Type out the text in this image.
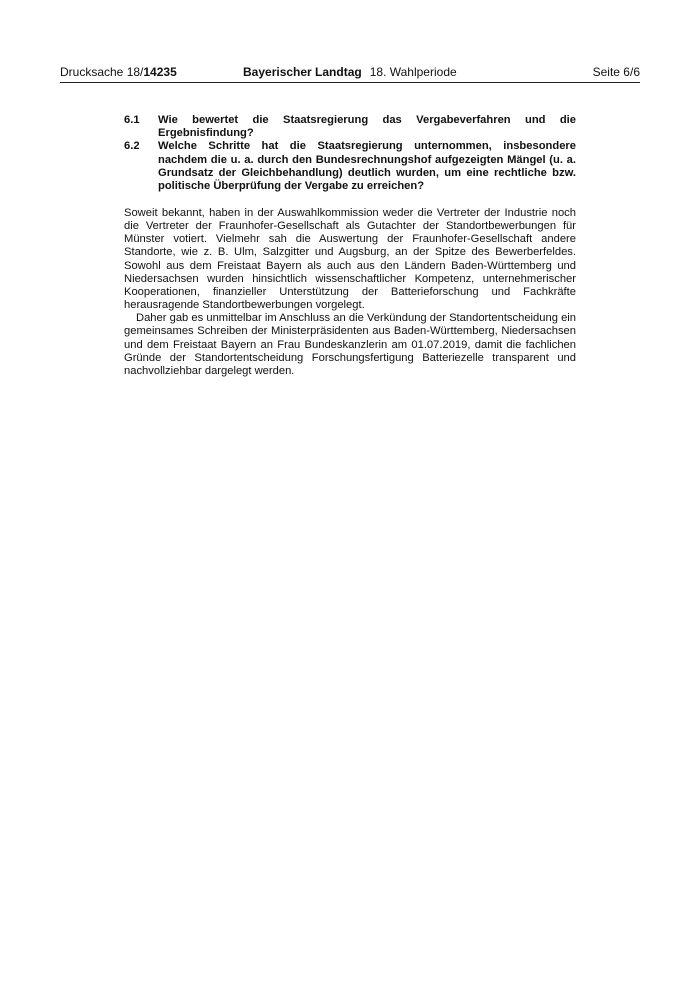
Drucksache 18/14235	Bayerischer Landtag 18. Wahlperiode	Seite 6/6
6.1 Wie bewertet die Staatsregierung das Vergabeverfahren und die Ergebnisfindung?
6.2 Welche Schritte hat die Staatsregierung unternommen, insbesondere nachdem die u. a. durch den Bundesrechnungshof aufgezeigten Mängel (u. a. Grundsatz der Gleichbehandlung) deutlich wurden, um eine rechtliche bzw. politische Überprüfung der Vergabe zu erreichen?

Soweit bekannt, haben in der Auswahlkommission weder die Vertreter der Industrie noch die Vertreter der Fraunhofer-Gesellschaft als Gutachter der Standortbewerbungen für Münster votiert. Vielmehr sah die Auswertung der Fraunhofer-Gesellschaft andere Standorte, wie z. B. Ulm, Salzgitter und Augsburg, an der Spitze des Bewerberfeldes. Sowohl aus dem Freistaat Bayern als auch aus den Ländern Baden-Württemberg und Niedersachsen wurden hinsichtlich wissenschaftlicher Kompetenz, unternehmerischer Kooperationen, finanzieller Unterstützung der Batterieforschung und Fachkräfte herausragende Standortbewerbungen vorgelegt.

Daher gab es unmittelbar im Anschluss an die Verkündung der Standortentscheidung ein gemeinsames Schreiben der Ministerpräsidenten aus Baden-Württemberg, Niedersachsen und dem Freistaat Bayern an Frau Bundeskanzlerin am 01.07.2019, damit die fachlichen Gründe der Standortentscheidung Forschungsfertigung Batteriezelle transparent und nachvollziehbar dargelegt werden.
